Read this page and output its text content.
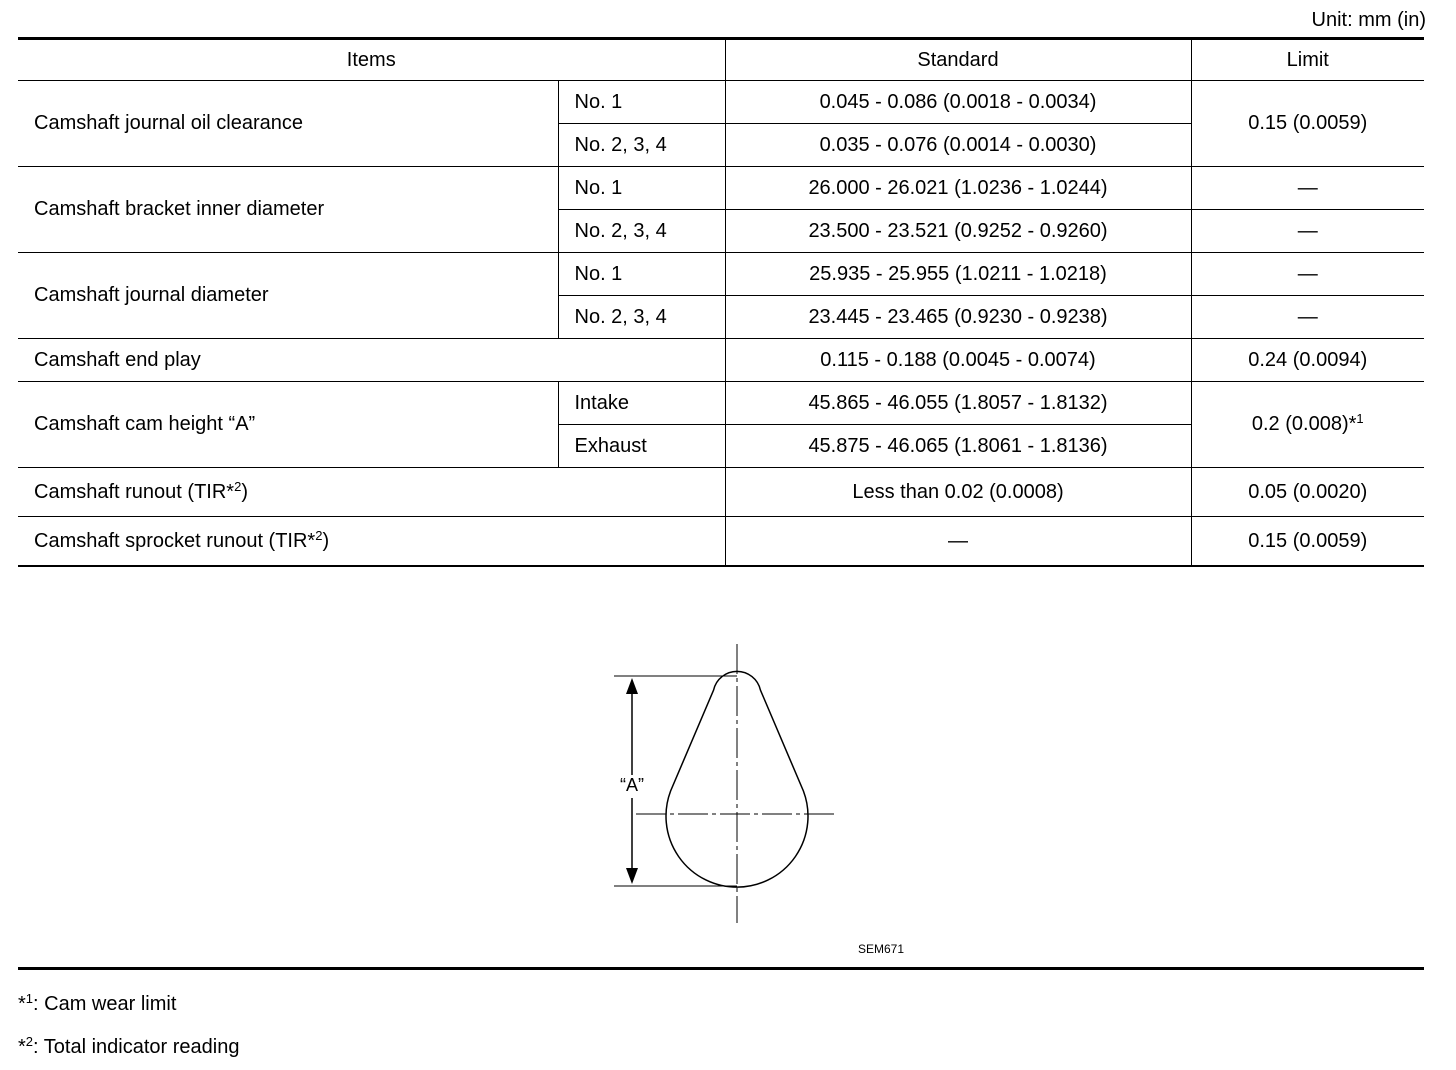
Unit: mm (in)
Items		Standard	Limit
Camshaft journal oil clearance	No. 1	0.045 - 0.086 (0.0018 - 0.0034)	0.15 (0.0059)
	No. 2, 3, 4	0.035 - 0.076 (0.0014 - 0.0030)	
Camshaft bracket inner diameter	No. 1	26.000 - 26.021 (1.0236 - 1.0244)	—
	No. 2, 3, 4	23.500 - 23.521 (0.9252 - 0.9260)	—
Camshaft journal diameter	No. 1	25.935 - 25.955 (1.0211 - 1.0218)	—
	No. 2, 3, 4	23.445 - 23.465 (0.9230 - 0.9238)	—
Camshaft end play		0.115 - 0.188 (0.0045 - 0.0074)	0.24 (0.0094)
Camshaft cam height “A”	Intake	45.865 - 46.055 (1.8057 - 1.8132)	0.2 (0.008)*$^1$
	Exhaust	45.875 - 46.065 (1.8061 - 1.8136)	
Camshaft runout (TIR*$^2$)		Less than 0.02 (0.0008)	0.05 (0.0020)
Camshaft sprocket runout (TIR*$^2$)		—	0.15 (0.0059)
“A”
SEM671
*$^1$: Cam wear limit
*$^2$: Total indicator reading
